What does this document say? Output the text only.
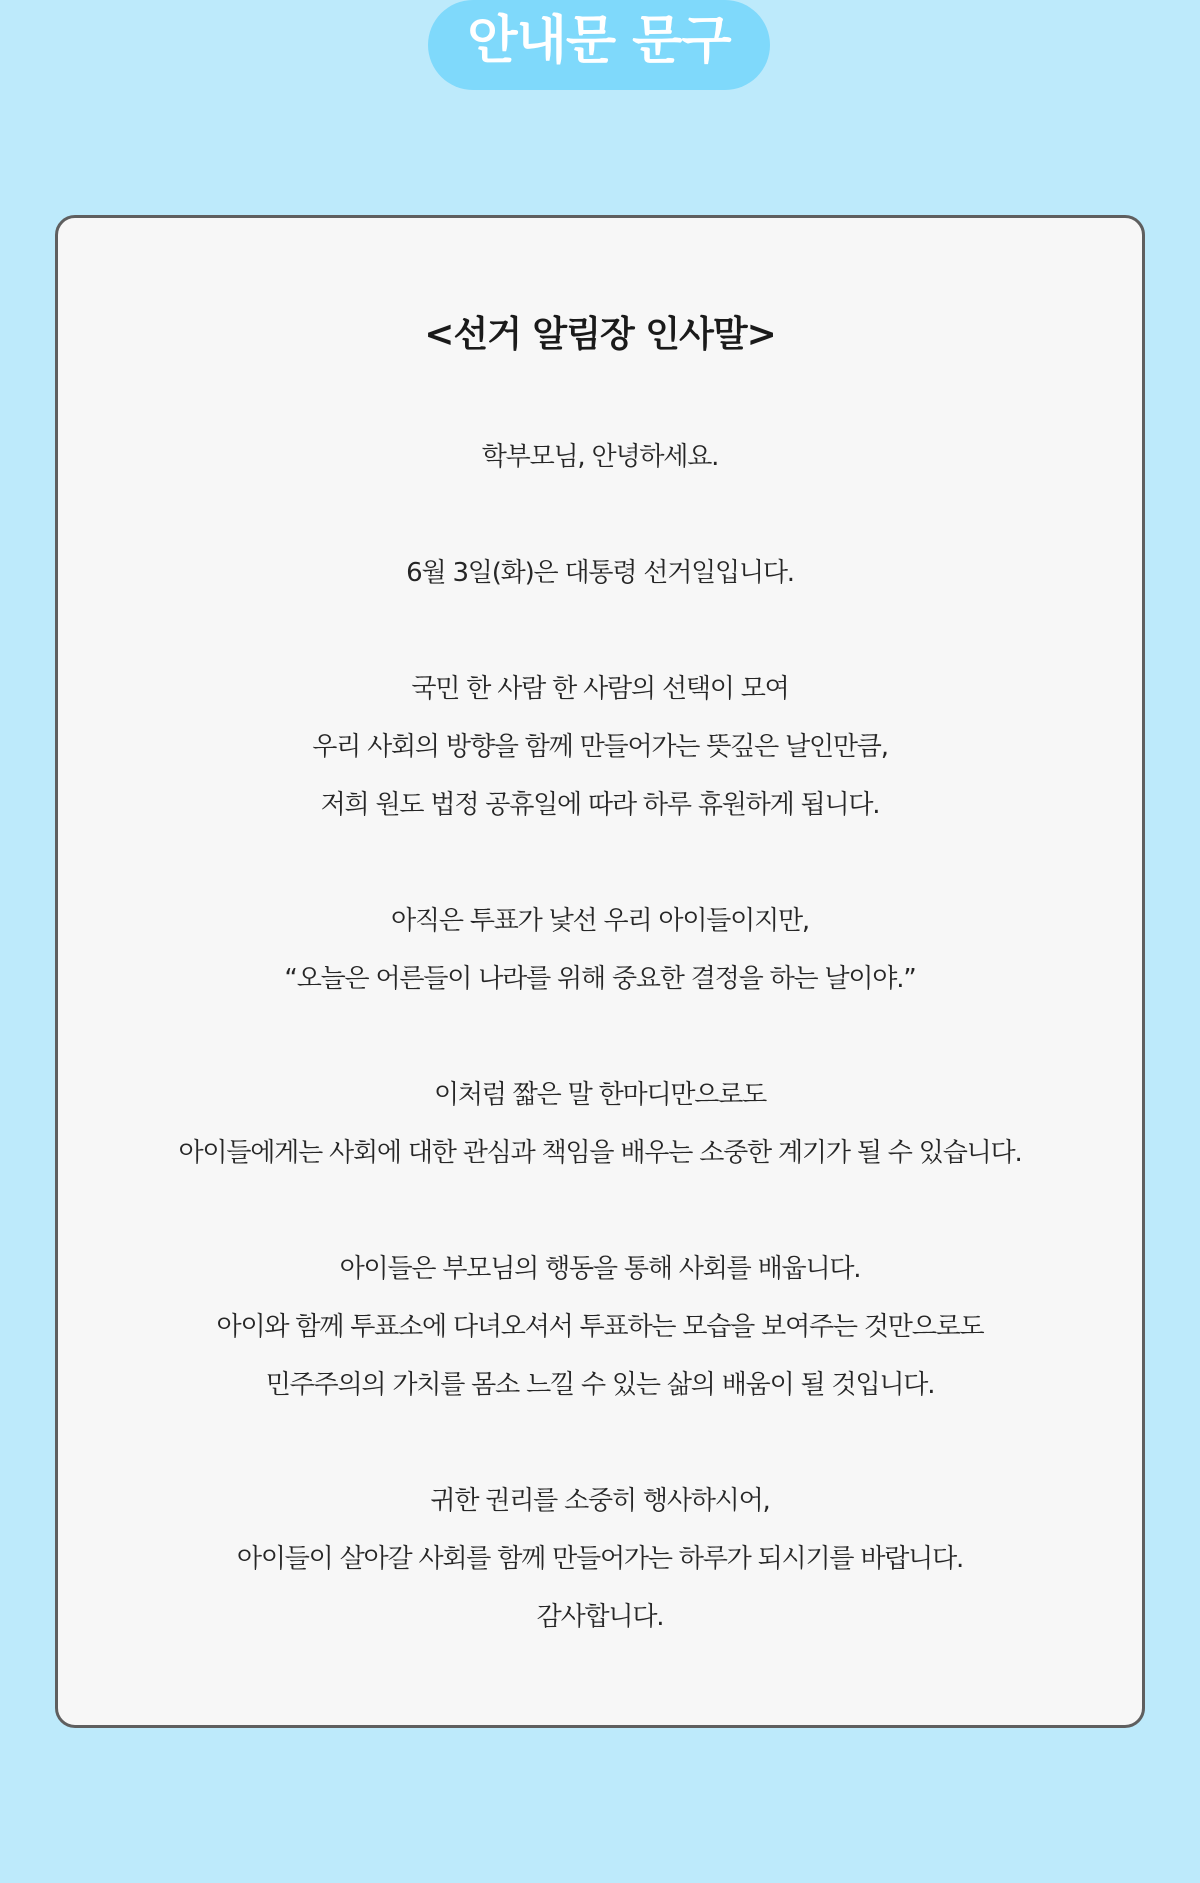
안내문 문구
<선거 알림장 인사말>
학부모님, 안녕하세요.
6월 3일(화)은 대통령 선거일입니다.
국민 한 사람 한 사람의 선택이 모여
우리 사회의 방향을 함께 만들어가는 뜻깊은 날인만큼,
저희 원도 법정 공휴일에 따라 하루 휴원하게 됩니다.
아직은 투표가 낯선 우리 아이들이지만,
“오늘은 어른들이 나라를 위해 중요한 결정을 하는 날이야.”
이처럼 짧은 말 한마디만으로도
아이들에게는 사회에 대한 관심과 책임을 배우는 소중한 계기가 될 수 있습니다.
아이들은 부모님의 행동을 통해 사회를 배웁니다.
아이와 함께 투표소에 다녀오셔서 투표하는 모습을 보여주는 것만으로도
민주주의의 가치를 몸소 느낄 수 있는 삶의 배움이 될 것입니다.
귀한 권리를 소중히 행사하시어,
아이들이 살아갈 사회를 함께 만들어가는 하루가 되시기를 바랍니다.
감사합니다.
